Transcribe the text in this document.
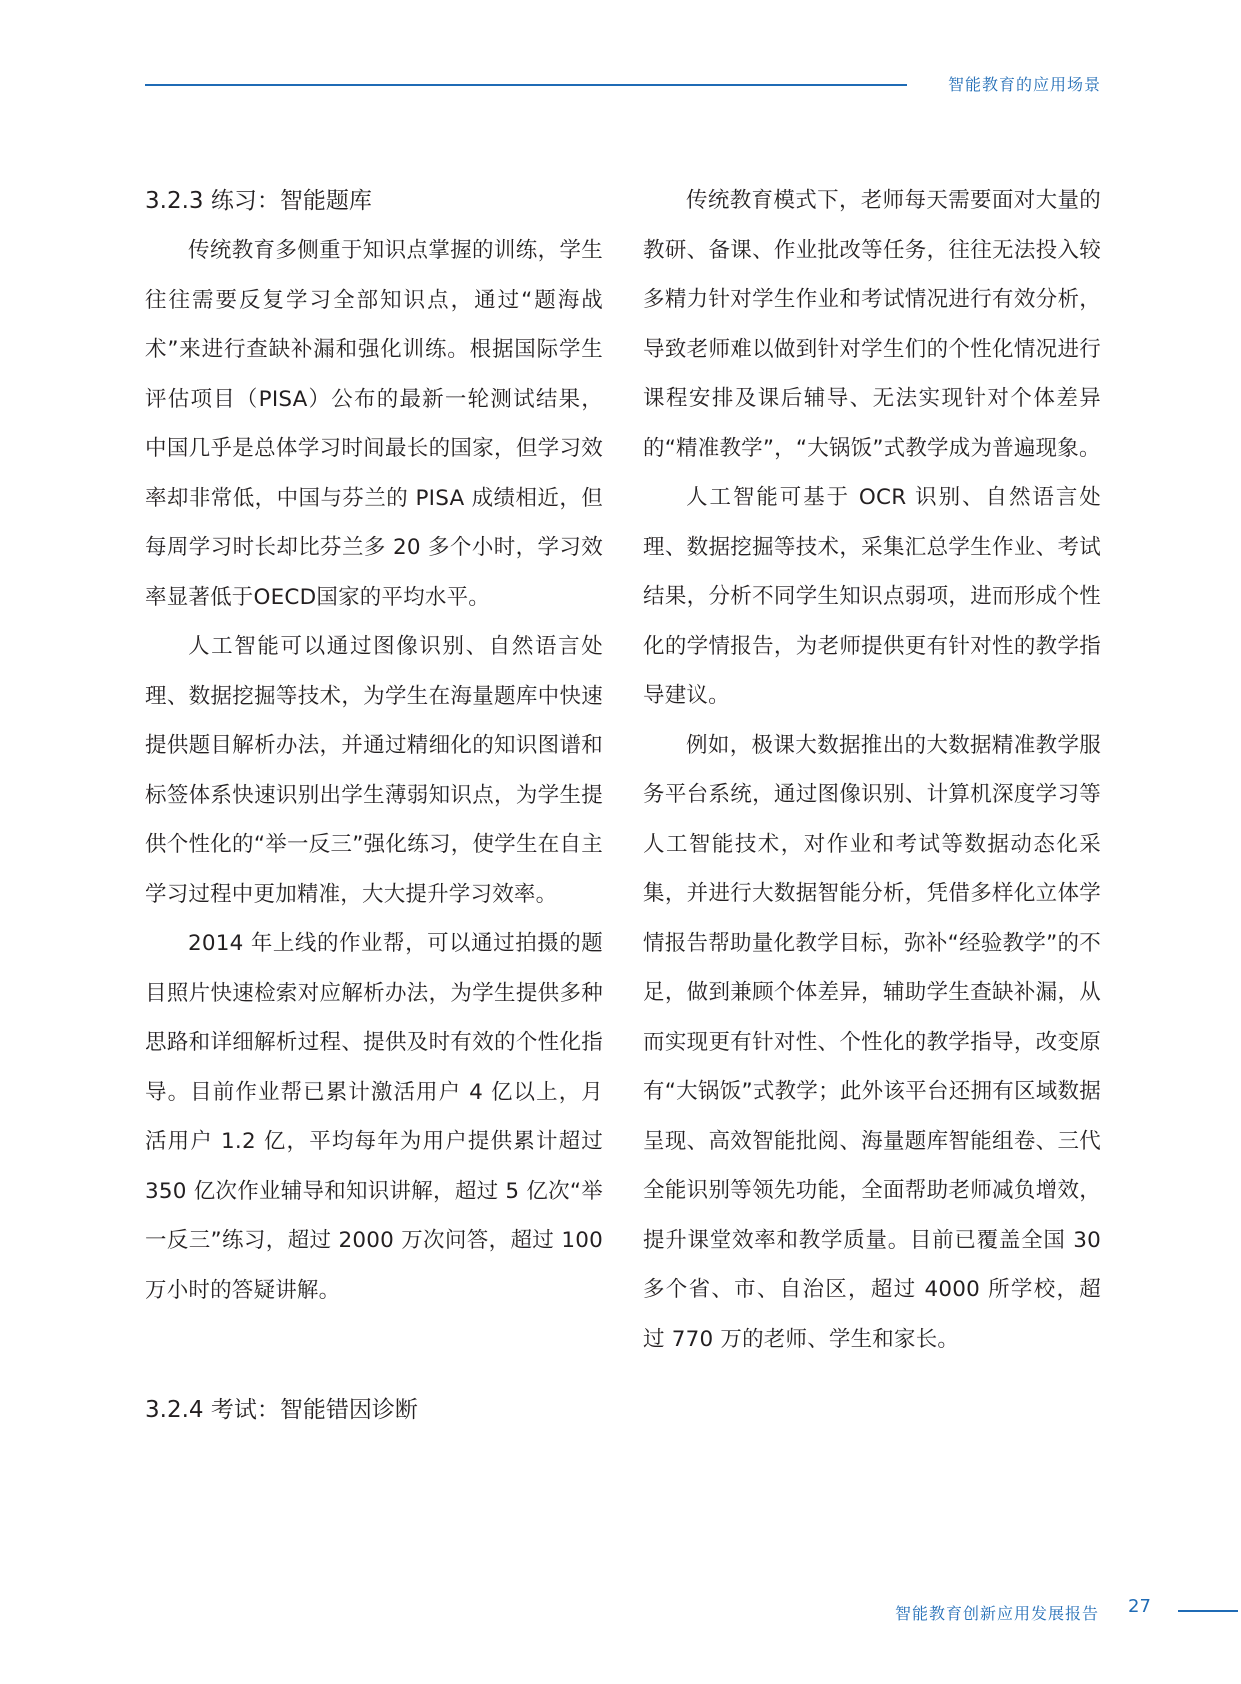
智能教育的应用场景
3.2.3 练习：智能题库

传统教育多侧重于知识点掌握的训练，学生往往需要反复学习全部知识点，通过“题海战术”来进行查缺补漏和强化训练。根据国际学生评估项目（PISA）公布的最新一轮测试结果，中国几乎是总体学习时间最长的国家，但学习效率却非常低，中国与芬兰的 PISA 成绩相近，但每周学习时长却比芬兰多 20 多个小时，学习效率显著低于OECD国家的平均水平。

人工智能可以通过图像识别、自然语言处理、数据挖掘等技术，为学生在海量题库中快速提供题目解析办法，并通过精细化的知识图谱和标签体系快速识别出学生薄弱知识点，为学生提供个性化的“举一反三”强化练习，使学生在自主学习过程中更加精准，大大提升学习效率。

2014 年上线的作业帮，可以通过拍摄的题目照片快速检索对应解析办法，为学生提供多种思路和详细解析过程、提供及时有效的个性化指导。目前作业帮已累计激活用户 4 亿以上，月活用户 1.2 亿，平均每年为用户提供累计超过 350 亿次作业辅导和知识讲解，超过 5 亿次“举一反三”练习，超过 2000 万次问答，超过 100 万小时的答疑讲解。

3.2.4 考试：智能错因诊断

传统教育模式下，老师每天需要面对大量的教研、备课、作业批改等任务，往往无法投入较多精力针对学生作业和考试情况进行有效分析，导致老师难以做到针对学生们的个性化情况进行课程安排及课后辅导、无法实现针对个体差异的“精准教学”，“大锅饭”式教学成为普遍现象。

人工智能可基于 OCR 识别、自然语言处理、数据挖掘等技术，采集汇总学生作业、考试结果，分析不同学生知识点弱项，进而形成个性化的学情报告，为老师提供更有针对性的教学指导建议。

例如，极课大数据推出的大数据精准教学服务平台系统，通过图像识别、计算机深度学习等人工智能技术，对作业和考试等数据动态化采集，并进行大数据智能分析，凭借多样化立体学情报告帮助量化教学目标，弥补“经验教学”的不足，做到兼顾个体差异，辅助学生查缺补漏，从而实现更有针对性、个性化的教学指导，改变原有“大锅饭”式教学；此外该平台还拥有区域数据呈现、高效智能批阅、海量题库智能组卷、三代全能识别等领先功能，全面帮助老师减负增效，提升课堂效率和教学质量。目前已覆盖全国 30 多个省、市、自治区，超过 4000 所学校，超过 770 万的老师、学生和家长。

智能教育创新应用发展报告 27
